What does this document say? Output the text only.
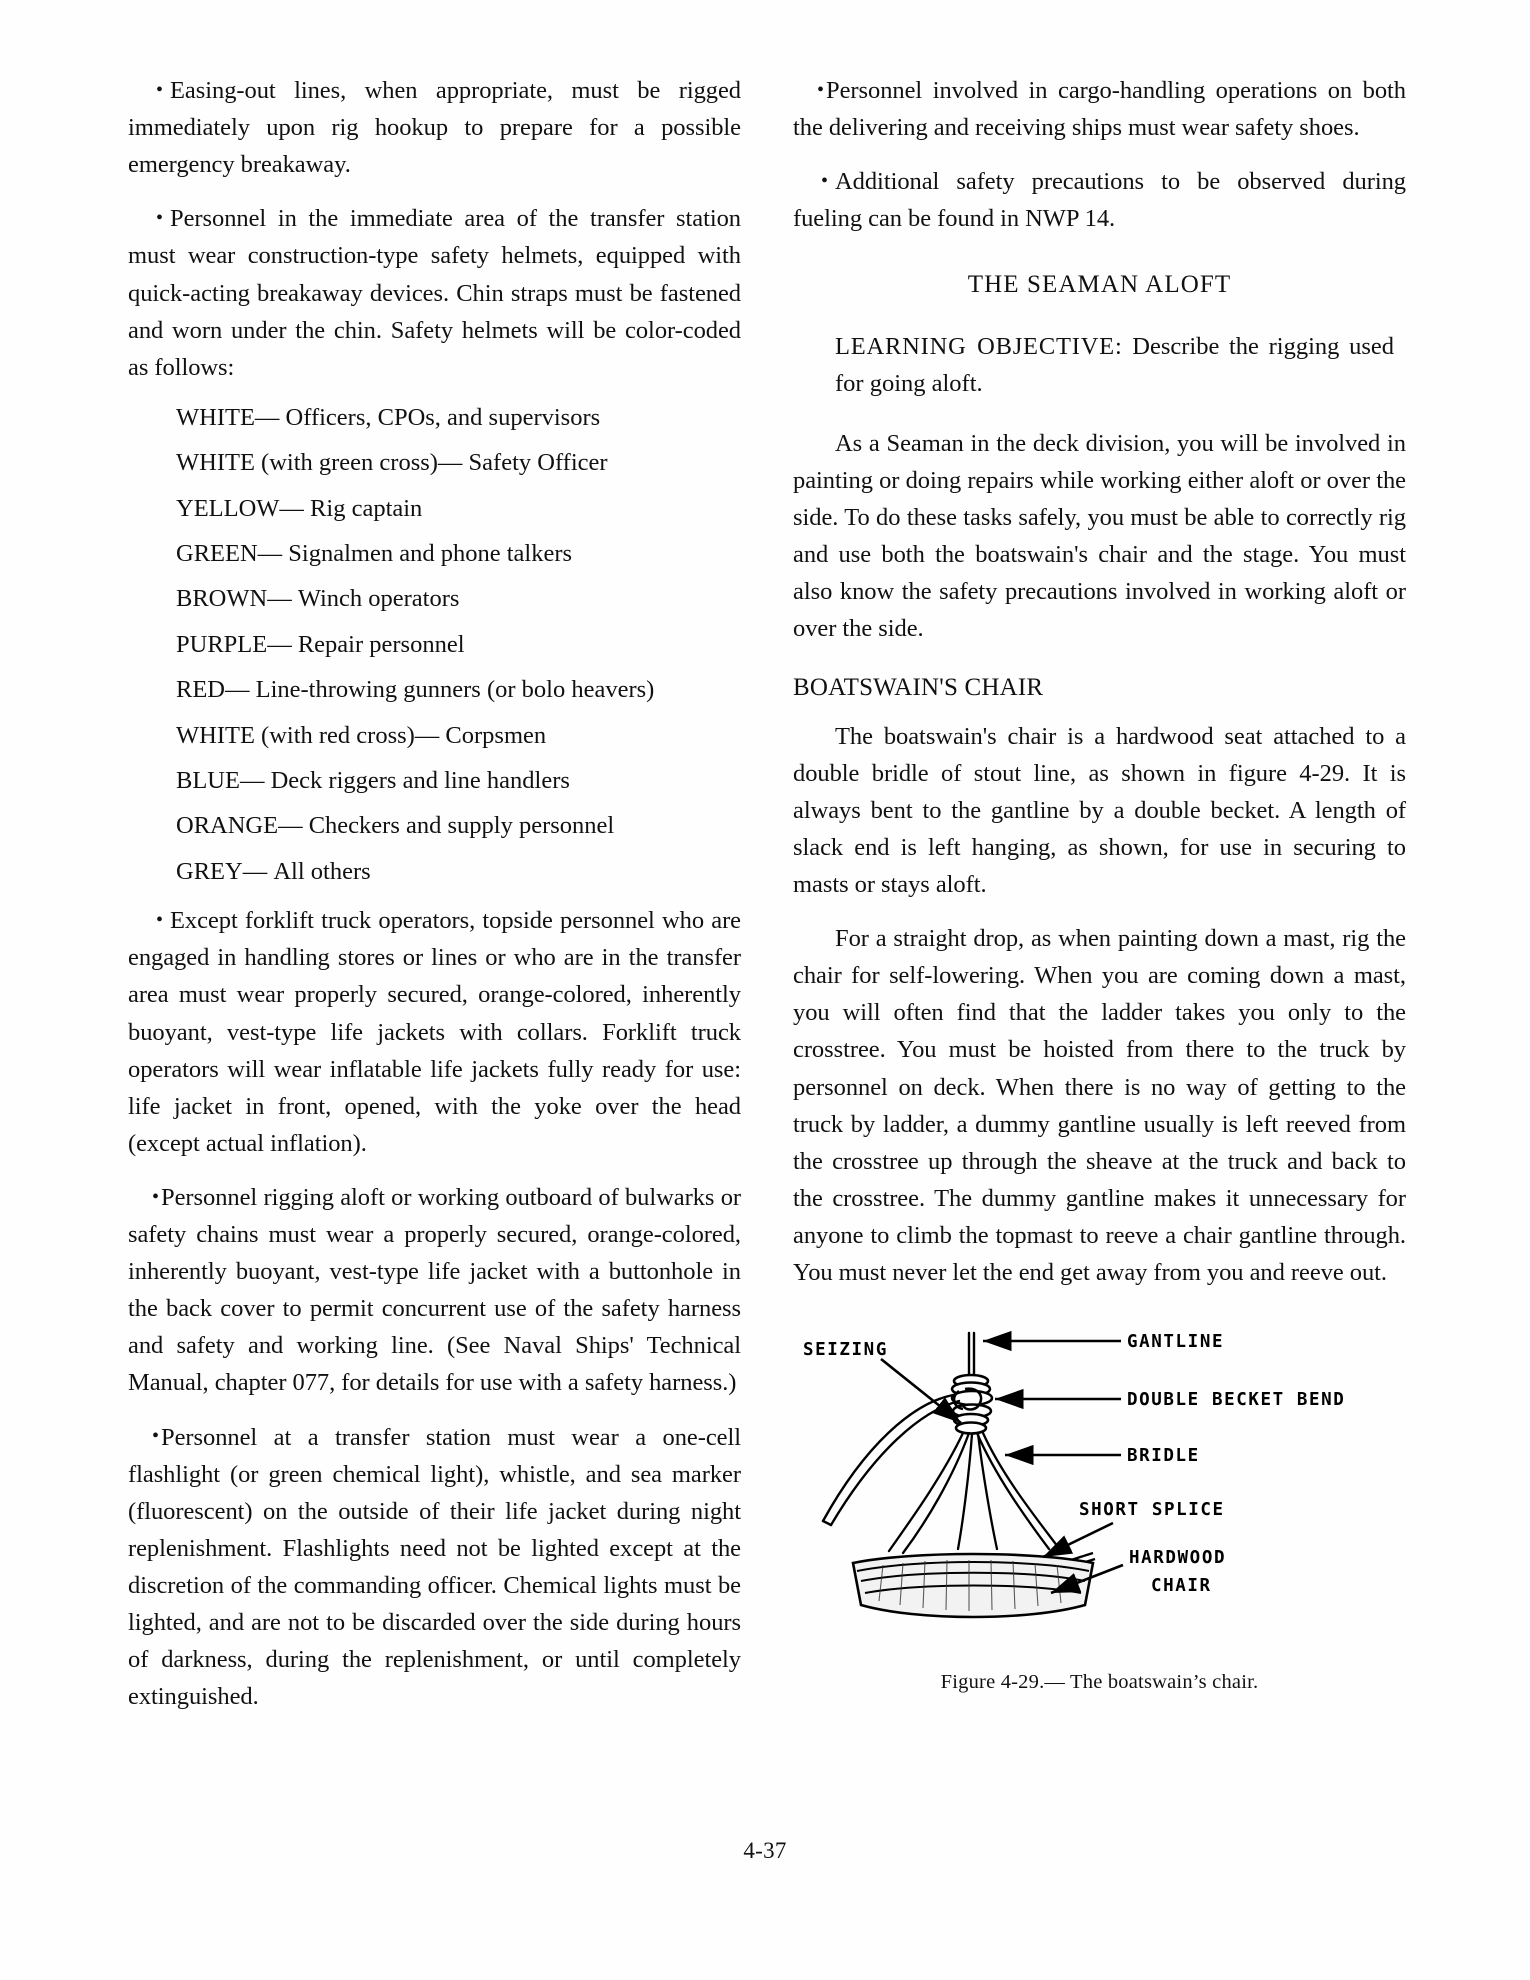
• Easing-out lines, when appropriate, must be rigged immediately upon rig hookup to prepare for a possible emergency breakaway.

• Personnel in the immediate area of the transfer station must wear construction-type safety helmets, equipped with quick-acting breakaway devices. Chin straps must be fastened and worn under the chin. Safety helmets will be color-coded as follows:

WHITE— Officers, CPOs, and supervisors
WHITE (with green cross)— Safety Officer
YELLOW— Rig captain
GREEN— Signalmen and phone talkers
BROWN— Winch operators
PURPLE— Repair personnel
RED— Line-throwing gunners (or bolo heavers)
WHITE (with red cross)— Corpsmen
BLUE— Deck riggers and line handlers
ORANGE— Checkers and supply personnel
GREY— All others

• Except forklift truck operators, topside personnel who are engaged in handling stores or lines or who are in the transfer area must wear properly secured, orange-colored, inherently buoyant, vest-type life jackets with collars. Forklift truck operators will wear inflatable life jackets fully ready for use: life jacket in front, opened, with the yoke over the head (except actual inflation).

•Personnel rigging aloft or working outboard of bulwarks or safety chains must wear a properly secured, orange-colored, inherently buoyant, vest-type life jacket with a buttonhole in the back cover to permit concurrent use of the safety harness and safety and working line. (See Naval Ships' Technical Manual, chapter 077, for details for use with a safety harness.)

•Personnel at a transfer station must wear a one-cell flashlight (or green chemical light), whistle, and sea marker (fluorescent) on the outside of their life jacket during night replenishment. Flashlights need not be lighted except at the discretion of the commanding officer. Chemical lights must be lighted, and are not to be discarded over the side during hours of darkness, during the replenishment, or until completely extinguished.

•Personnel involved in cargo-handling operations on both the delivering and receiving ships must wear safety shoes.

• Additional safety precautions to be observed during fueling can be found in NWP 14.

THE SEAMAN ALOFT

LEARNING OBJECTIVE: Describe the rigging used for going aloft.

As a Seaman in the deck division, you will be involved in painting or doing repairs while working either aloft or over the side. To do these tasks safely, you must be able to correctly rig and use both the boatswain's chair and the stage. You must also know the safety precautions involved in working aloft or over the side.

BOATSWAIN'S CHAIR

The boatswain's chair is a hardwood seat attached to a double bridle of stout line, as shown in figure 4-29. It is always bent to the gantline by a double becket. A length of slack end is left hanging, as shown, for use in securing to masts or stays aloft.

For a straight drop, as when painting down a mast, rig the chair for self-lowering. When you are coming down a mast, you will often find that the ladder takes you only to the crosstree. You must be hoisted from there to the truck by personnel on deck. When there is no way of getting to the truck by ladder, a dummy gantline usually is left reeved from the crosstree up through the sheave at the truck and back to the crosstree. The dummy gantline makes it unnecessary for anyone to climb the topmast to reeve a chair gantline through. You must never let the end get away from you and reeve out.

SEIZING	GANTLINE
DOUBLE BECKET BEND
BRIDLE
SHORT SPLICE
HARDWOOD
CHAIR
Figure 4-29.— The boatswain’s chair.
4-37
